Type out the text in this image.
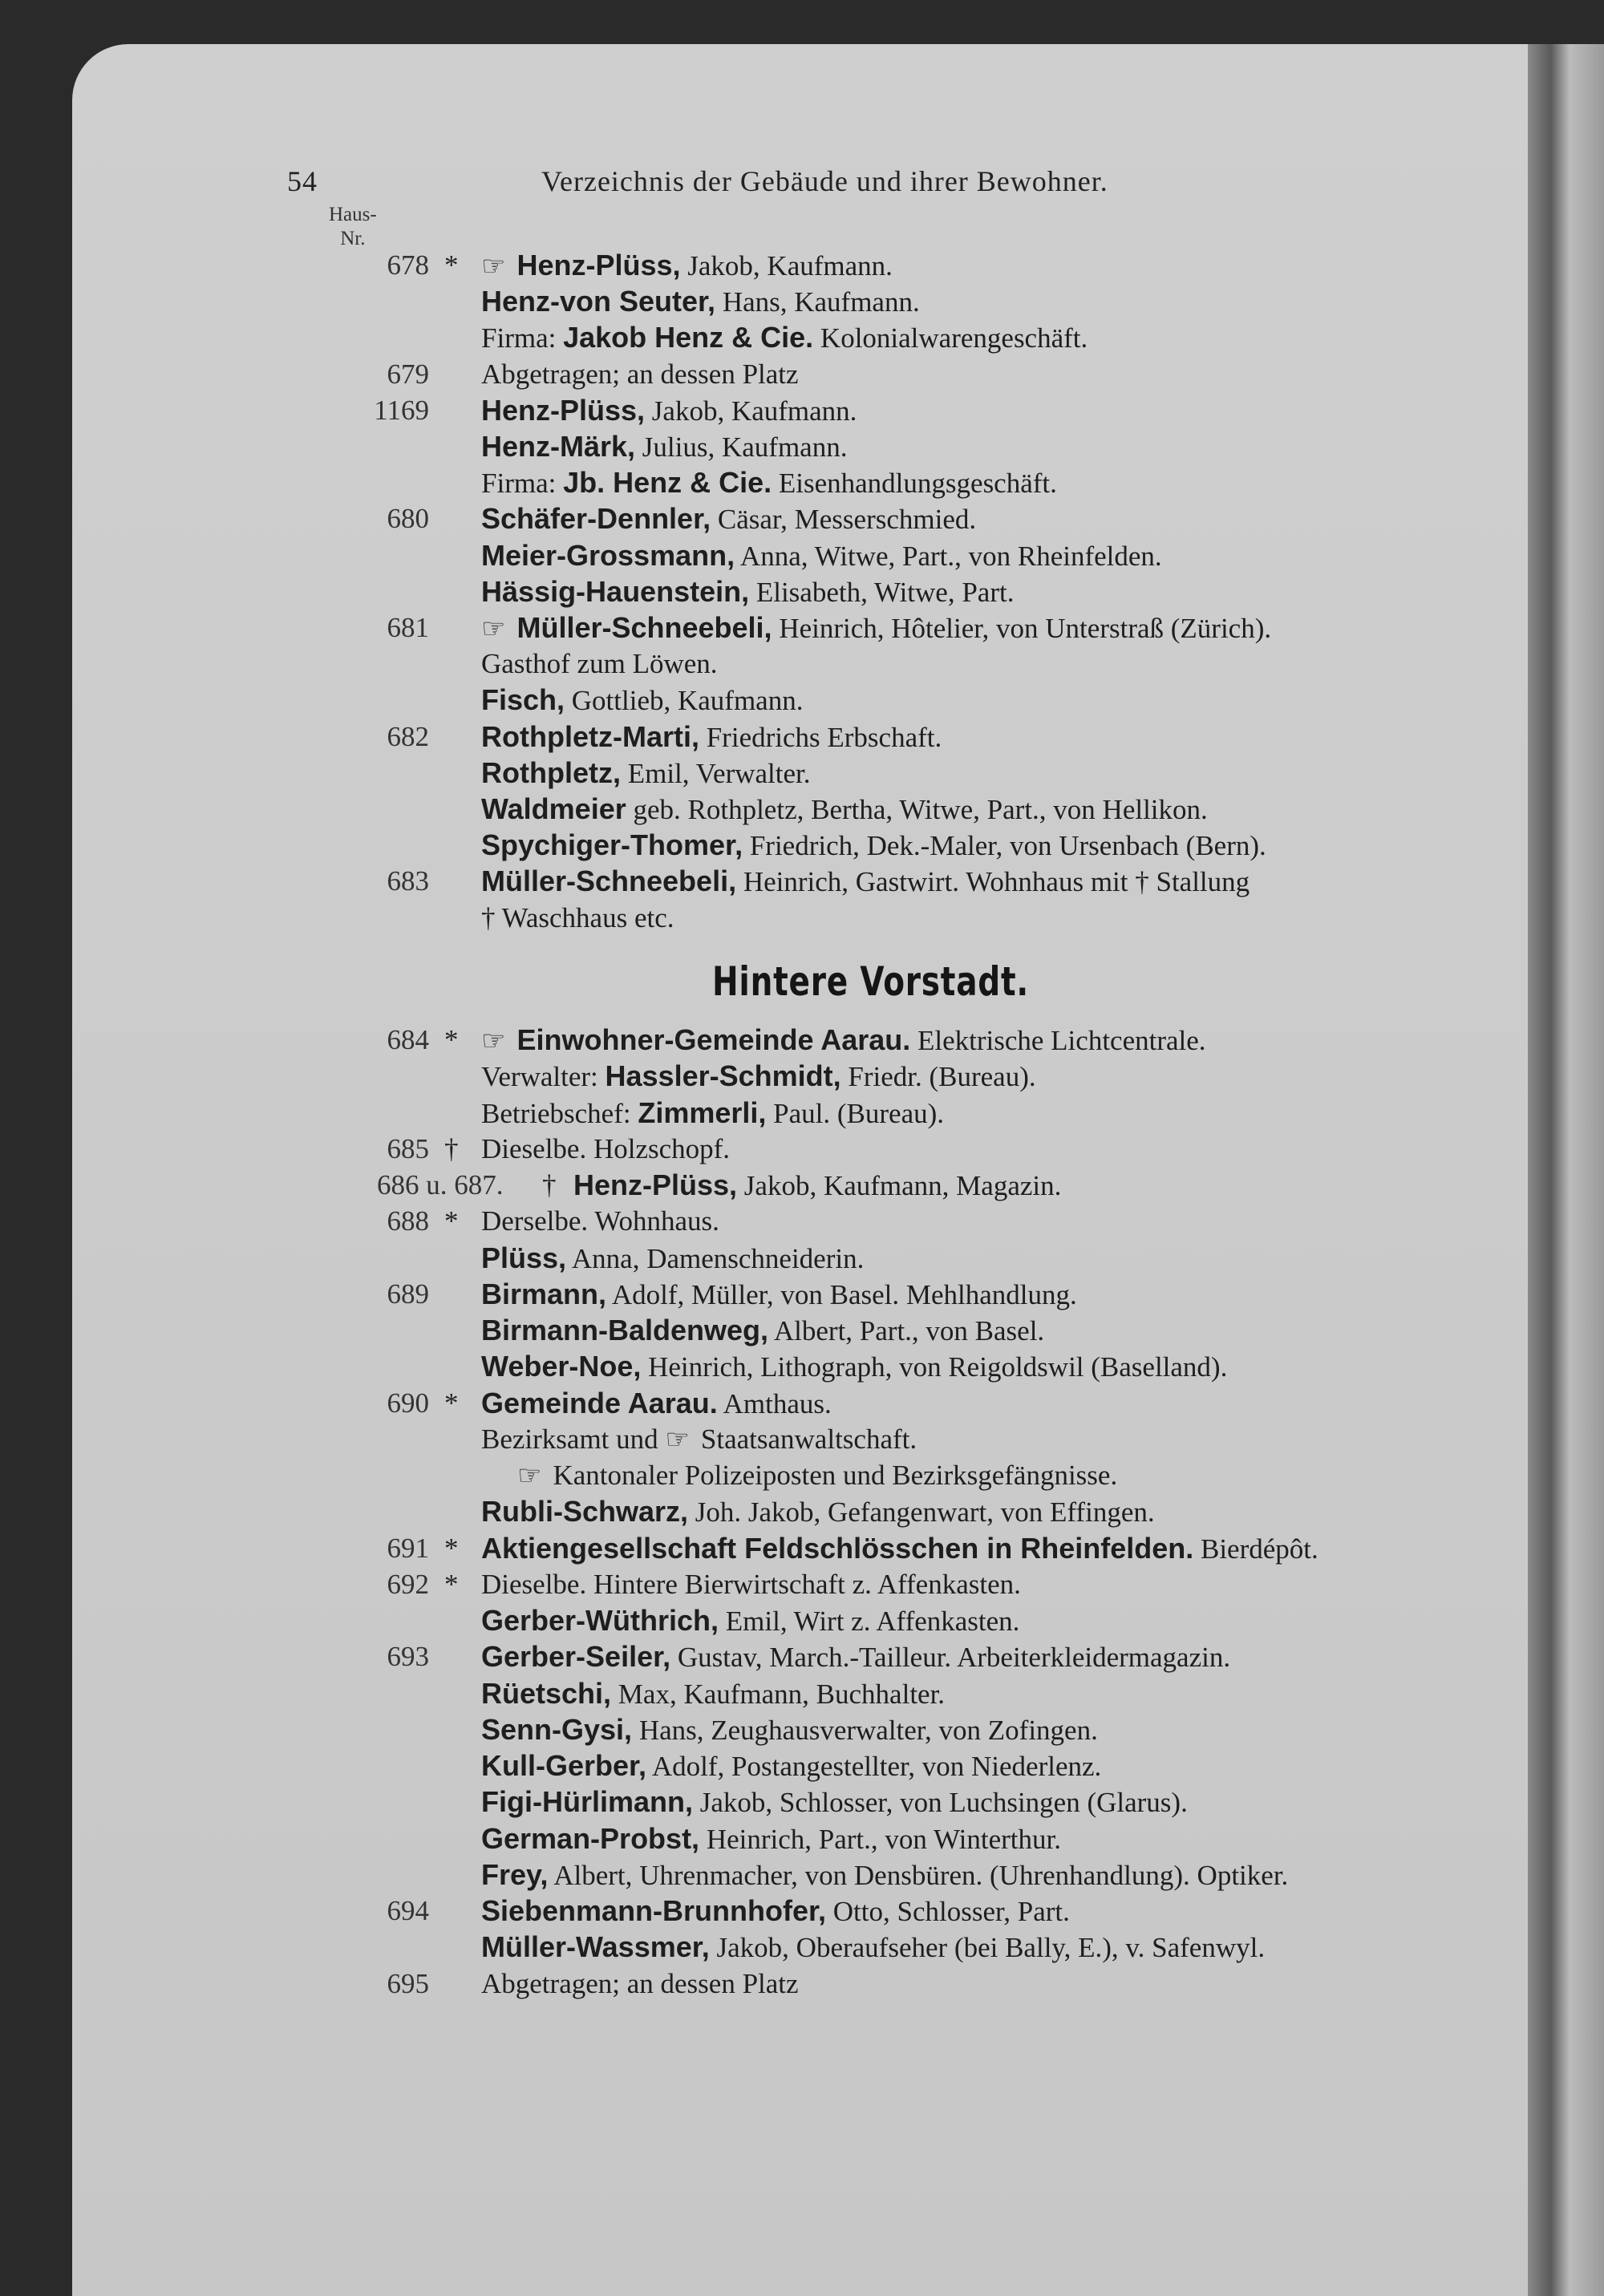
54	Verzeichnis der Gebäude und ihrer Bewohner.
Haus-
Nr.
Hintere Vorstadt.
678 * ☞ Henz-Plüss, Jakob, Kaufmann.
Henz-von Seuter, Hans, Kaufmann.
Firma: Jakob Henz & Cie. Kolonialwarengeschäft.
679 Abgetragen; an dessen Platz
1169 Henz-Plüss, Jakob, Kaufmann.
Henz-Märk, Julius, Kaufmann.
Firma: Jb. Henz & Cie. Eisenhandlungsgeschäft.
680 Schäfer-Dennler, Cäsar, Messerschmied.
Meier-Grossmann, Anna, Witwe, Part., von Rheinfelden.
Hässig-Hauenstein, Elisabeth, Witwe, Part.
681 ☞ Müller-Schneebeli, Heinrich, Hôtelier, von Unterstraß (Zürich).
Gasthof zum Löwen.
Fisch, Gottlieb, Kaufmann.
682 Rothpletz-Marti, Friedrichs Erbschaft.
Rothpletz, Emil, Verwalter.
Waldmeier geb. Rothpletz, Bertha, Witwe, Part., von Hellikon.
Spychiger-Thomer, Friedrich, Dek.-Maler, von Ursenbach (Bern).
683 Müller-Schneebeli, Heinrich, Gastwirt. Wohnhaus mit † Stallung
† Waschhaus etc.
684 * ☞ Einwohner-Gemeinde Aarau. Elektrische Lichtcentrale.
Verwalter: Hassler-Schmidt, Friedr. (Bureau).
Betriebschef: Zimmerli, Paul. (Bureau).
685 † Dieselbe. Holzschopf.
686 u. 687.	† Henz-Plüss, Jakob, Kaufmann, Magazin.
688 * Derselbe. Wohnhaus.
Plüss, Anna, Damenschneiderin.
689 Birmann, Adolf, Müller, von Basel. Mehlhandlung.
Birmann-Baldenweg, Albert, Part., von Basel.
Weber-Noe, Heinrich, Lithograph, von Reigoldswil (Baselland).
690 * Gemeinde Aarau. Amthaus.
Bezirksamt und ☞ Staatsanwaltschaft.
☞ Kantonaler Polizeiposten und Bezirksgefängnisse.
Rubli-Schwarz, Joh. Jakob, Gefangenwart, von Effingen.
691 * Aktiengesellschaft Feldschlösschen in Rheinfelden. Bierdépôt.
692 * Dieselbe. Hintere Bierwirtschaft z. Affenkasten.
Gerber-Wüthrich, Emil, Wirt z. Affenkasten.
693 Gerber-Seiler, Gustav, March.-Tailleur. Arbeiterkleidermagazin.
Rüetschi, Max, Kaufmann, Buchhalter.
Senn-Gysi, Hans, Zeughausverwalter, von Zofingen.
Kull-Gerber, Adolf, Postangestellter, von Niederlenz.
Figi-Hürlimann, Jakob, Schlosser, von Luchsingen (Glarus).
German-Probst, Heinrich, Part., von Winterthur.
Frey, Albert, Uhrenmacher, von Densbüren. (Uhrenhandlung). Optiker.
694 Siebenmann-Brunnhofer, Otto, Schlosser, Part.
Müller-Wassmer, Jakob, Oberaufseher (bei Bally, E.), v. Safenwyl.
695 Abgetragen; an dessen Platz
